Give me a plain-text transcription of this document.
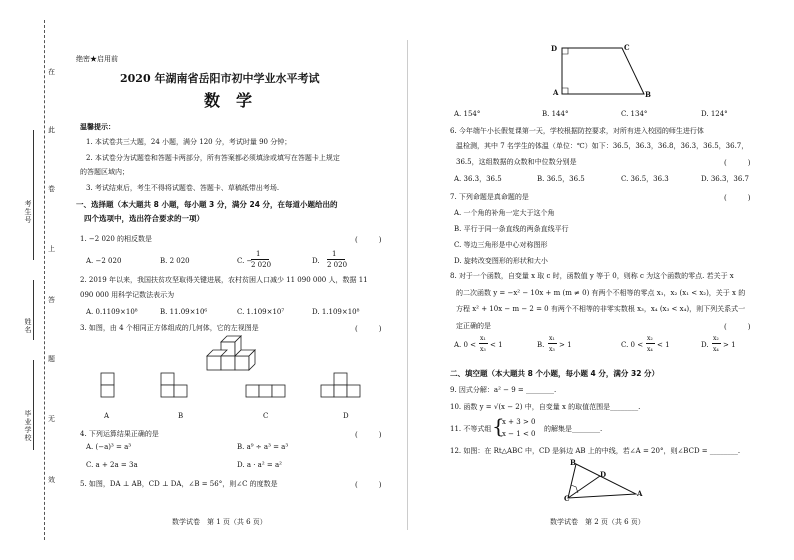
在
此
卷
上
答
题
无
效
考生号
姓名
毕业学校
绝密★启用前
2020 年湖南省岳阳市初中学业水平考试
数　学
温馨提示：
1. 本试卷共三大题，24 小题，满分 120 分，考试时量 90 分钟；
2. 本试卷分为试题卷和答题卡两部分，所有答案都必须填涂或填写在答题卡上规定
的答题区域内；
3. 考试结束后，考生不得将试题卷、答题卡、草稿纸带出考场.
一、选择题（本大题共 8 小题，每小题 3 分，满分 24 分，在每道小题给出的
四个选项中，选出符合要求的一项）
1. −2 020 的相反数是	(　　　)
A. −2 020	B. 2 020	C. −
1
2 020	D.
1
2 020
2. 2019 年以来，我国扶贫攻坚取得关键进展，农村贫困人口减少 11 090 000 人，数据 11
090 000 用科学记数法表示为
A. 0.1109×10⁸	B. 11.09×10⁶	C. 1.109×10⁷	D. 1.109×10⁸
3. 如图，由 4 个相同正方体组成的几何体，它的左视图是
A	B	C	D
(　　　)
4. 下列运算结果正确的是	(　　　)
A. (−a)³ = a³	B. a⁹ ÷ a³ = a³
C. a + 2a = 3a	D. a · a² = a²
5. 如图，DA ⊥ AB，CD ⊥ DA，∠B = 56°，则∠C 的度数是	(　　　)
数学试卷　第 1 页（共 6 页）
D	C
A	B
A. 154°	B. 144°	C. 134°	D. 124°
6. 今年端午小长假复课第一天，学校根据防控要求，对所有进入校园的师生进行体
温检测，其中 7 名学生的体温（单位：℃）如下：36.5，36.3，36.8，36.3，36.5，36.7，
36.5，这组数据的众数和中位数分别是	(　　　)
A. 36.3，36.5	B. 36.5，36.5	C. 36.5，36.3	D. 36.3，36.7
7. 下列命题是真命题的是	(　　　)
A. 一个角的补角一定大于这个角
B. 平行于同一条直线的两条直线平行
C. 等边三角形是中心对称图形
D. 旋转改变图形的形状和大小
8. 对于一个函数，自变量 x 取 c 时，函数值 y 等于 0，则称 c 为这个函数的零点. 若关于 x
的二次函数 y = −x² − 10x + m (m ≠ 0) 有两个不相等的零点 x₁，x₂ (x₁ < x₂)，关于 x 的
方程 x² + 10x − m − 2 = 0 有两个不相等的非零实数根 x₃，x₄ (x₃ < x₄)，则下列关系式一
定正确的是	(　　　)
A. 0 <
x₁
x₃
< 1	B.
x₁
x₃
> 1	C. 0 <
x₂
x₄
< 1	D.
x₂
x₄
> 1
二、填空题（本大题共 8 个小题，每小题 4 分，满分 32 分）
9. 因式分解：a² − 9 = ________.
10. 函数 y = √(x − 2) 中，自变量 x 的取值范围是________.
11. 不等式组 {
x + 3 > 0
x − 1 < 0
的解集是________.
12. 如图：在 Rt△ABC 中，CD 是斜边 AB 上的中线，若∠A = 20°，则∠BCD = ________.
B
D
C
A
数学试卷　第 2 页（共 6 页）
